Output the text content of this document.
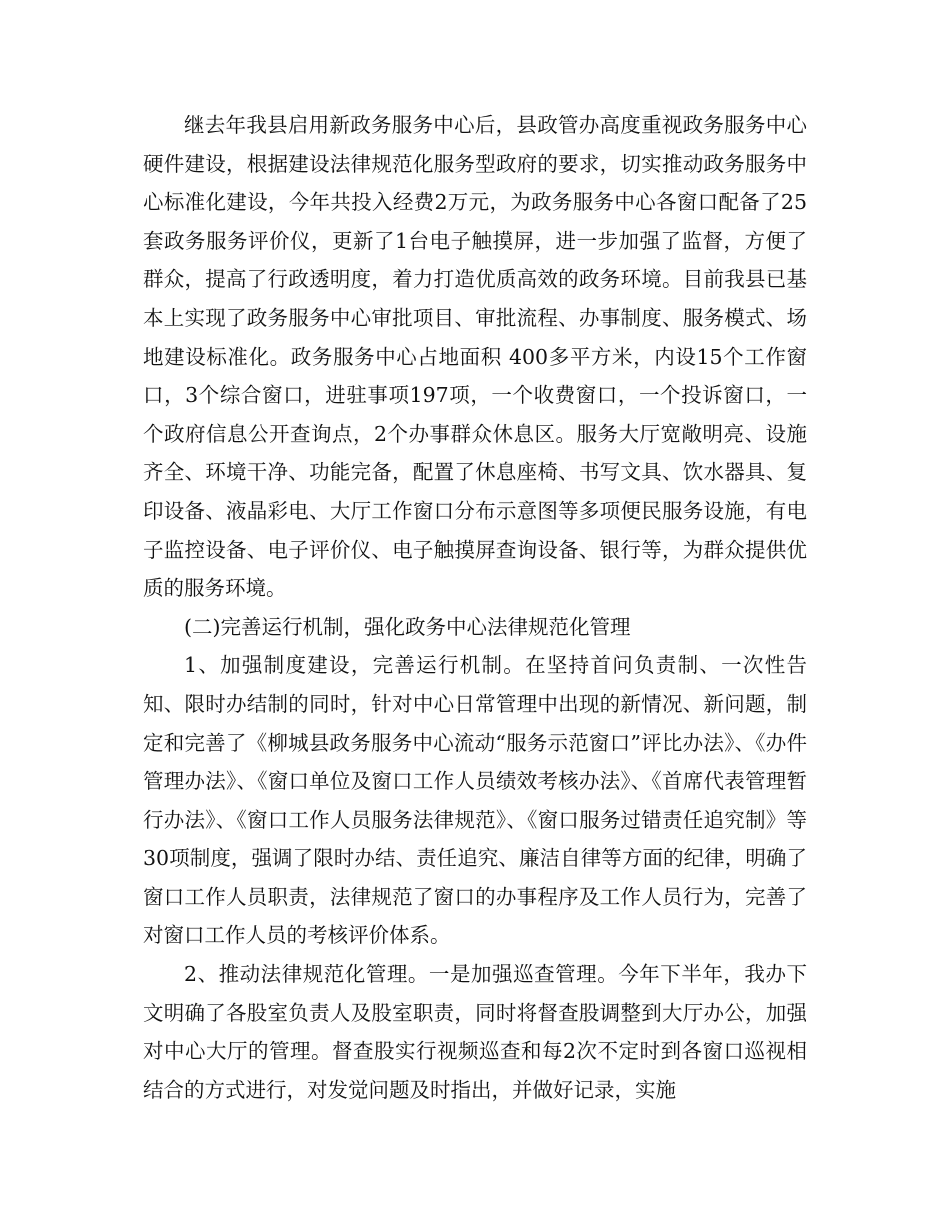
继去年我县启用新政务服务中心后，县政管办高度重视政务服务中心硬件建设，根据建设法律规范化服务型政府的要求，切实推动政务服务中心标准化建设，今年共投入经费2万元，为政务服务中心各窗口配备了25套政务服务评价仪，更新了1台电子触摸屏，进一步加强了监督，方便了群众，提高了行政透明度，着力打造优质高效的政务环境。目前我县已基本上实现了政务服务中心审批项目、审批流程、办事制度、服务模式、场地建设标准化。政务服务中心占地面积 400多平方米，内设15个工作窗口，3个综合窗口，进驻事项197项，一个收费窗口，一个投诉窗口，一个政府信息公开查询点，2个办事群众休息区。服务大厅宽敞明亮、设施齐全、环境干净、功能完备，配置了休息座椅、书写文具、饮水器具、复印设备、液晶彩电、大厅工作窗口分布示意图等多项便民服务设施，有电子监控设备、电子评价仪、电子触摸屏查询设备、银行等，为群众提供优质的服务环境。

(二)完善运行机制，强化政务中心法律规范化管理

1、加强制度建设，完善运行机制。在坚持首问负责制、一次性告知、限时办结制的同时，针对中心日常管理中出现的新情况、新问题，制定和完善了《柳城县政务服务中心流动“服务示范窗口”评比办法》、《办件管理办法》、《窗口单位及窗口工作人员绩效考核办法》、《首席代表管理暂行办法》、《窗口工作人员服务法律规范》、《窗口服务过错责任追究制》等30项制度，强调了限时办结、责任追究、廉洁自律等方面的纪律，明确了窗口工作人员职责，法律规范了窗口的办事程序及工作人员行为，完善了对窗口工作人员的考核评价体系。

2、推动法律规范化管理。一是加强巡查管理。今年下半年，我办下文明确了各股室负责人及股室职责，同时将督查股调整到大厅办公，加强对中心大厅的管理。督查股实行视频巡查和每2次不定时到各窗口巡视相结合的方式进行，对发觉问题及时指出，并做好记录，实施
